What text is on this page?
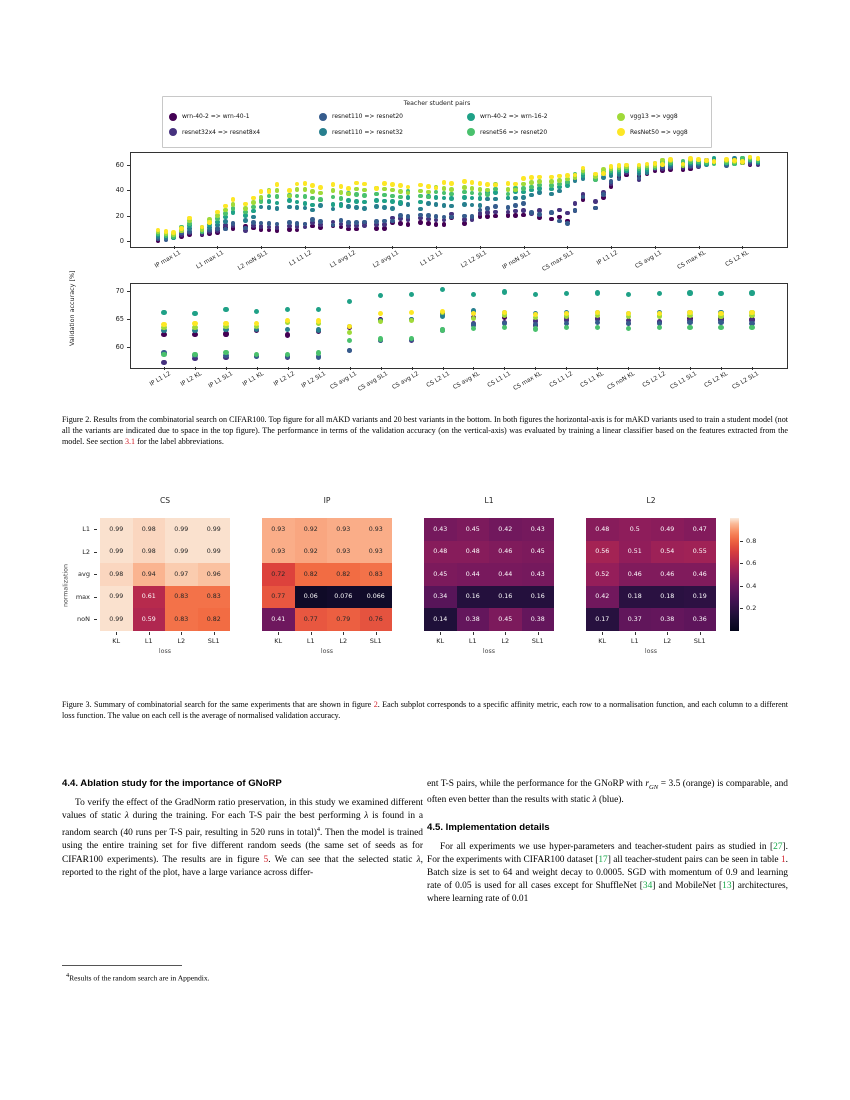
Teacher student pairs
wrn-40-2 => wrn-40-1
resnet32x4 => resnet8x4
resnet110 => resnet20
resnet110 => resnet32
wrn-40-2 => wrn-16-2
resnet56 => resnet20
vgg13 => vgg8
ResNet50 => vgg8
Validation accuracy [%]
0
20
40
60
IP max L1	L1 max L1	L2 noN SL1	L1 L1 L2	L1 avg L2	L2 avg L1	L1 L2 L1	L2 L2 SL1	IP noN SL1	CS max SL1	IP L1 L2	CS avg L1	CS max KL	CS L2 KL
60
65
70
IP L1 L2	IP L2 KL IP L1 SL1	IP L1 KL	IP L2 L2 IP L2 SL1 CS avg L1 CS avg SL1 CS avg L2 CS L2 L1 CS avg KL CS L1 L1 CS max KL CS L1 L2 CS L1 KL CS noN KL CS L2 L2 CS L1 SL1 CS L2 KL CS L2 SL1
Figure 2. Results from the combinatorial search on CIFAR100. Top figure for all mAKD variants and 20 best variants in the bottom. In both figures the horizontal-axis is for mAKD variants used to train a student model (not all the variants are indicated due to space in the top figure). The performance in terms of the validation accuracy (on the vertical-axis) was evaluated by training a linear classifier based on the features extracted from the model. See section 3.1 for the label abbreviations.
normalization
CS
0.99	0.98	0.99	0.99
0.99	0.98	0.99	0.99
0.98	0.94	0.97	0.96
0.99	0.61	0.83	0.83
0.99	0.59	0.83	0.82
KL	L1	L2	SL1
loss
IP
0.93	0.92	0.93	0.93
0.93	0.92	0.93	0.93
0.72	0.82	0.82	0.83
0.77	0.06	0.076	0.066
0.41	0.77	0.79	0.76
KL	L1	L2	SL1
loss
L1
0.43	0.45	0.42	0.43
0.48	0.48	0.46	0.45
0.45	0.44	0.44	0.43
0.34	0.16	0.16	0.16
0.14	0.38	0.45	0.38
KL	L1	L2	SL1
loss
L2
0.48	0.5	0.49	0.47
0.56	0.51	0.54	0.55
0.52	0.46	0.46	0.46
0.42	0.18	0.18	0.19
0.17	0.37	0.38	0.36
KL	L1	L2	SL1
loss
L1
L2
avg
max
noN
0.2
0.4
0.6
0.8
Figure 3. Summary of combinatorial search for the same experiments that are shown in figure 2. Each subplot corresponds to a specific affinity metric, each row to a normalisation function, and each column to a different loss function. The value on each cell is the average of normalised validation accuracy.
4.4. Ablation study for the importance of GNoRP
To verify the effect of the GradNorm ratio preservation, in this study we examined different values of static λ during the training. For each T-S pair the best performing λ is found in a random search (40 runs per T-S pair, resulting in 520 runs in total)$^4$. Then the model is trained using the entire training set for five different random seeds (the same set of seeds as for CIFAR100 experiments). The results are in figure 5. We can see that the selected static λ, reported to the right of the plot, have a large variance across differ-
ent T-S pairs, while the performance for the GNoRP with $r_{GN} = 3.5$ (orange) is comparable, and often even better than the results with static λ (blue).
4.5. Implementation details
For all experiments we use hyper-parameters and teacher-student pairs as studied in [27]. For the experiments with CIFAR100 dataset [17] all teacher-student pairs can be seen in table 1. Batch size is set to 64 and weight decay to 0.0005. SGD with momentum of 0.9 and learning rate of 0.05 is used for all cases except for ShuffleNet [34] and MobileNet [13] architectures, where learning rate of 0.01
$^4$Results of the random search are in Appendix.
